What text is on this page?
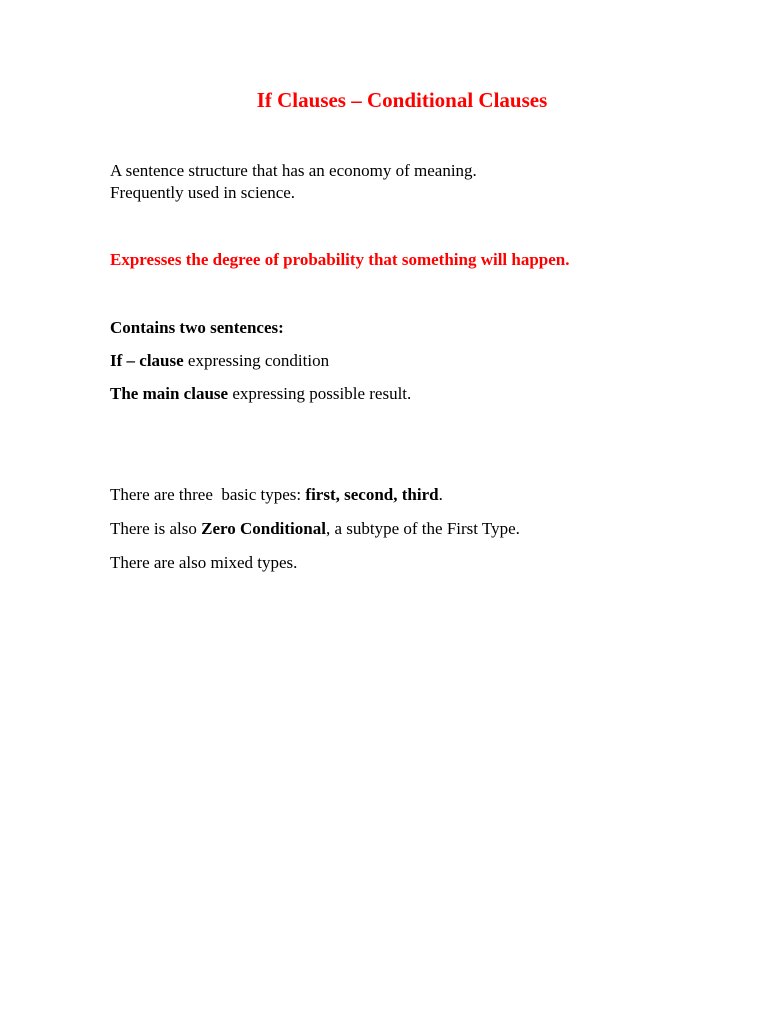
If Clauses – Conditional Clauses
A sentence structure that has an economy of meaning.
Frequently used in science.
Expresses the degree of probability that something will happen.
Contains two sentences:
If – clause expressing condition
The main clause expressing possible result.
There are three  basic types: first, second, third.
There is also Zero Conditional, a subtype of the First Type.
There are also mixed types.
